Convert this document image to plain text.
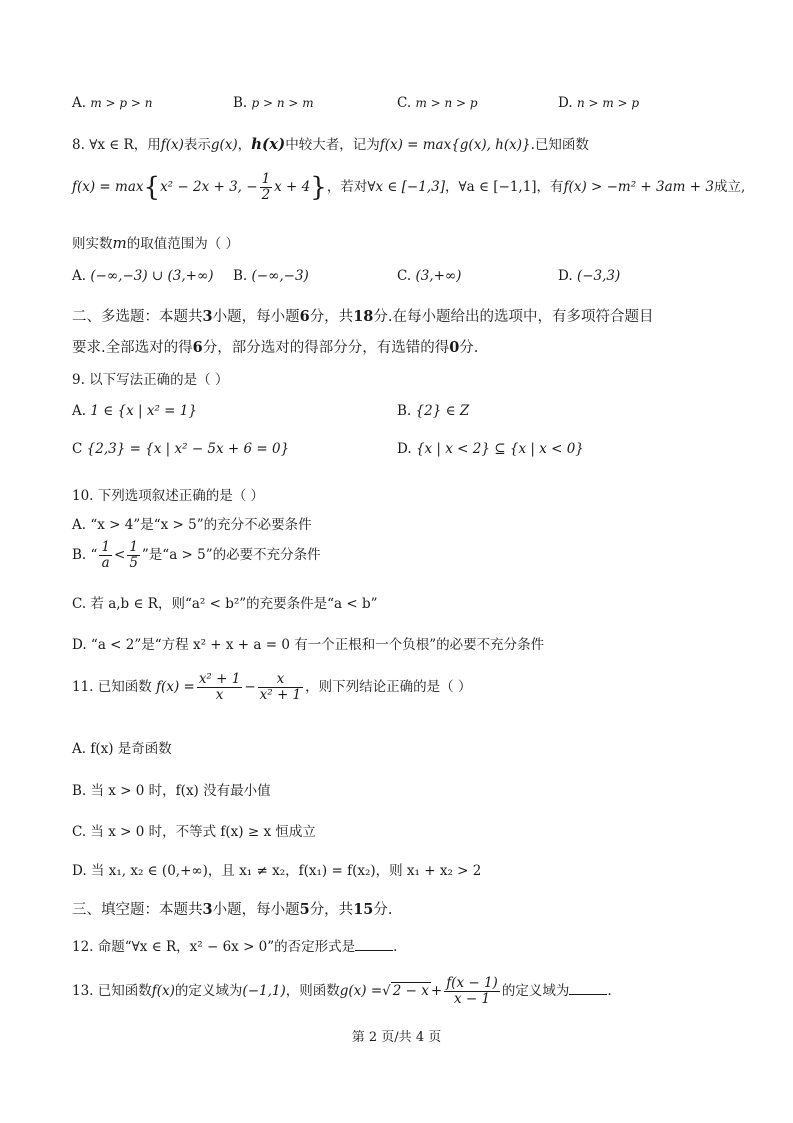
A. m > p > n	B. p > n > m	C. m > n > p	D. n > m > p
8. ∀x ∈ R，用f(x)表示g(x)，h(x)中较大者，记为f(x) = max{g(x), h(x)}.已知函数
f(x) = max{x² − 2x + 3, − $\frac{1}{2}$ x + 4}，若对∀x ∈ [−1,3]，∀a ∈ [−1,1]，有f(x) > −m² + 3am + 3成立,
则实数m的取值范围为（ ）
A. (−∞,−3) ∪ (3,+∞) B. (−∞,−3)	C. (3,+∞)	D. (−3,3)
二、多选题：本题共3小题，每小题6分，共18分.在每小题给出的选项中，有多项符合题目
要求.全部选对的得6分，部分选对的得部分分，有选错的得0分.
9. 以下写法正确的是（ ）
A. 1 ∈ {x | x² = 1}	B. {2} ∈ Z
C {2,3} = {x | x² − 5x + 6 = 0}	D. {x | x < 2} ⊆ {x | x < 0}
10. 下列选项叙述正确的是（ ）
A. “x > 4”是“x > 5”的充分不必要条件
B. “ $\frac{1}{a} < \frac{1}{5}$ ”是“a > 5”的必要不充分条件
C. 若 a,b ∈ R，则“a² < b²”的充要条件是“a < b”
D. “a < 2”是“方程 x² + x + a = 0 有一个正根和一个负根”的必要不充分条件
11. 已知函数 $f(x) = \frac{\text{x² + 1}}{x} - \frac{x}{\text{x² + 1}}$ ，则下列结论正确的是（ ）
A. f(x) 是奇函数
B. 当 x > 0 时，f(x) 没有最小值
C. 当 x > 0 时，不等式 f(x) ≥ x 恒成立
D. 当 x₁, x₂ ∈ (0,+∞)，且 x₁ ≠ x₂，f(x₁) = f(x₂)，则 x₁ + x₂ > 2
三、填空题：本题共3小题，每小题5分，共15分.
12. 命题“∀x ∈ R，x² − 6x > 0”的否定形式是	.
13. 已知函数f(x)的定义域为(−1,1)，则函数g(x) =√ $2 - x + \frac{f(x - 1)}{x - 1}$ 的定义域为	.
第 2 页/共 4 页
